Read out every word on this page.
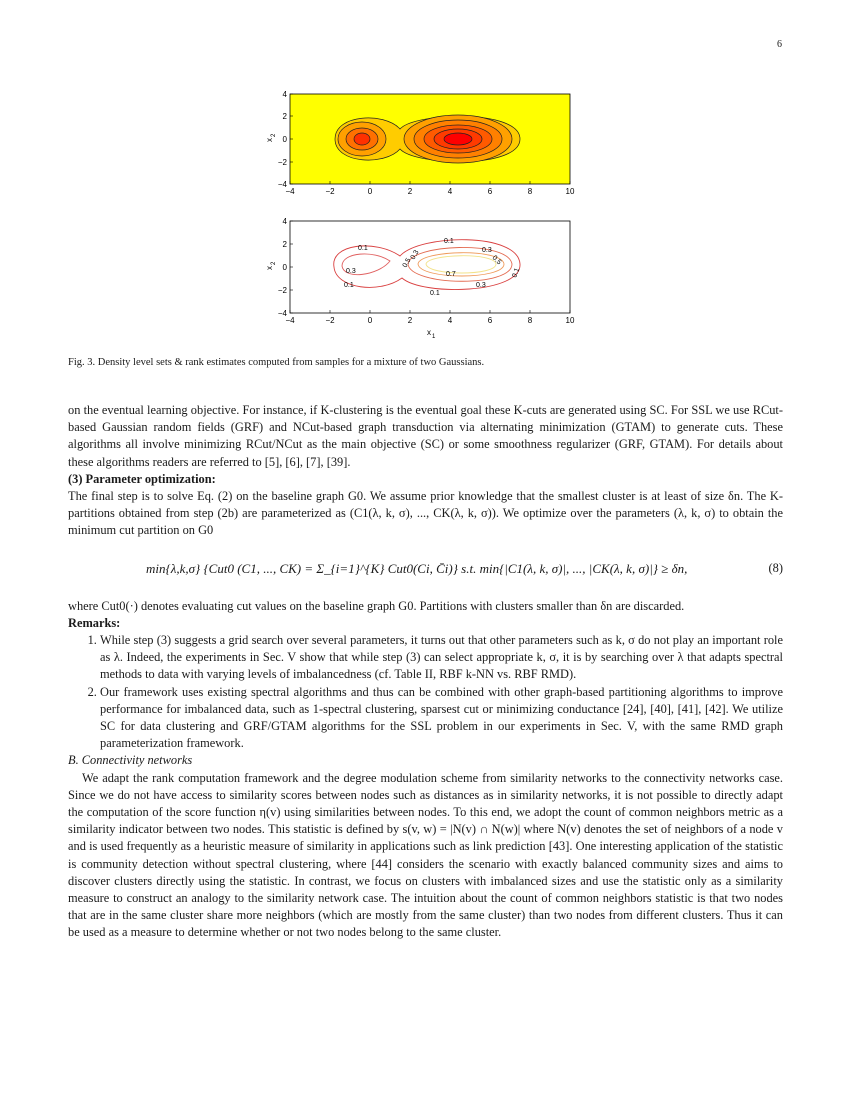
6
−4	−2	0	2	4	6	8	10
4
2
0
−2
−4
x
2
0.1
0.1
0.3
0.5
0.1
0.3
0.3	0.5
0.7
0.1
0.3
0.1
−4	−2	0	2	4	6	8	10
4
2
0
−2
−4
x 1
x
2
Fig. 3. Density level sets & rank estimates computed from samples for a mixture of two Gaussians.

on the eventual learning objective. For instance, if K-clustering is the eventual goal these K-cuts are generated using SC. For SSL we use RCut-based Gaussian random fields (GRF) and NCut-based graph transduction via alternating minimization (GTAM) to generate cuts. These algorithms all involve minimizing RCut/NCut as the main objective (SC) or some smoothness regularizer (GRF, GTAM). For details about these algorithms readers are referred to [5], [6], [7], [39].

(3) Parameter optimization:

The final step is to solve Eq. (2) on the baseline graph G0. We assume prior knowledge that the smallest cluster is at least of size δn. The K-partitions obtained from step (2b) are parameterized as (C1(λ, k, σ), ..., CK(λ, k, σ)). We optimize over the parameters (λ, k, σ) to obtain the minimum cut partition on G0

min{λ,k,σ} {Cut0 (C1, ..., CK) = Σ_{i=1}^{K} Cut0(Ci, C̄i)} s.t. min{|C1(λ, k, σ)|, ..., |CK(λ, k, σ)|} ≥ δn,	(8)

where Cut0(·) denotes evaluating cut values on the baseline graph G0. Partitions with clusters smaller than δn are discarded.

Remarks:

1. While step (3) suggests a grid search over several parameters, it turns out that other parameters such as k, σ do not play an important role as λ. Indeed, the experiments in Sec. V show that while step (3) can select appropriate k, σ, it is by searching over λ that adapts spectral methods to data with varying levels of imbalancedness (cf. Table II, RBF k-NN vs. RBF RMD).
2. Our framework uses existing spectral algorithms and thus can be combined with other graph-based partitioning algorithms to improve performance for imbalanced data, such as 1-spectral clustering, sparsest cut or minimizing conductance [24], [40], [41], [42]. We utilize SC for data clustering and GRF/GTAM algorithms for the SSL problem in our experiments in Sec. V, with the same RMD graph parameterization framework.

B. Connectivity networks

We adapt the rank computation framework and the degree modulation scheme from similarity networks to the connectivity networks case. Since we do not have access to similarity scores between nodes such as distances as in similarity networks, it is not possible to directly adapt the computation of the score function η(v) using similarities between nodes. To this end, we adopt the count of common neighbors metric as a similarity indicator between two nodes. This statistic is defined by s(v, w) = |N(v) ∩ N(w)| where N(v) denotes the set of neighbors of a node v and is used frequently as a heuristic measure of similarity in applications such as link prediction [43]. One interesting application of the statistic is community detection without spectral clustering, where [44] considers the scenario with exactly balanced community sizes and aims to discover clusters directly using the statistic. In contrast, we focus on clusters with imbalanced sizes and use the statistic only as a similarity measure to construct an analogy to the similarity network case. The intuition about the count of common neighbors statistic is that two nodes that are in the same cluster share more neighbors (which are mostly from the same cluster) than two nodes from different clusters. Thus it can be used as a measure to determine whether or not two nodes belong to the same cluster.
